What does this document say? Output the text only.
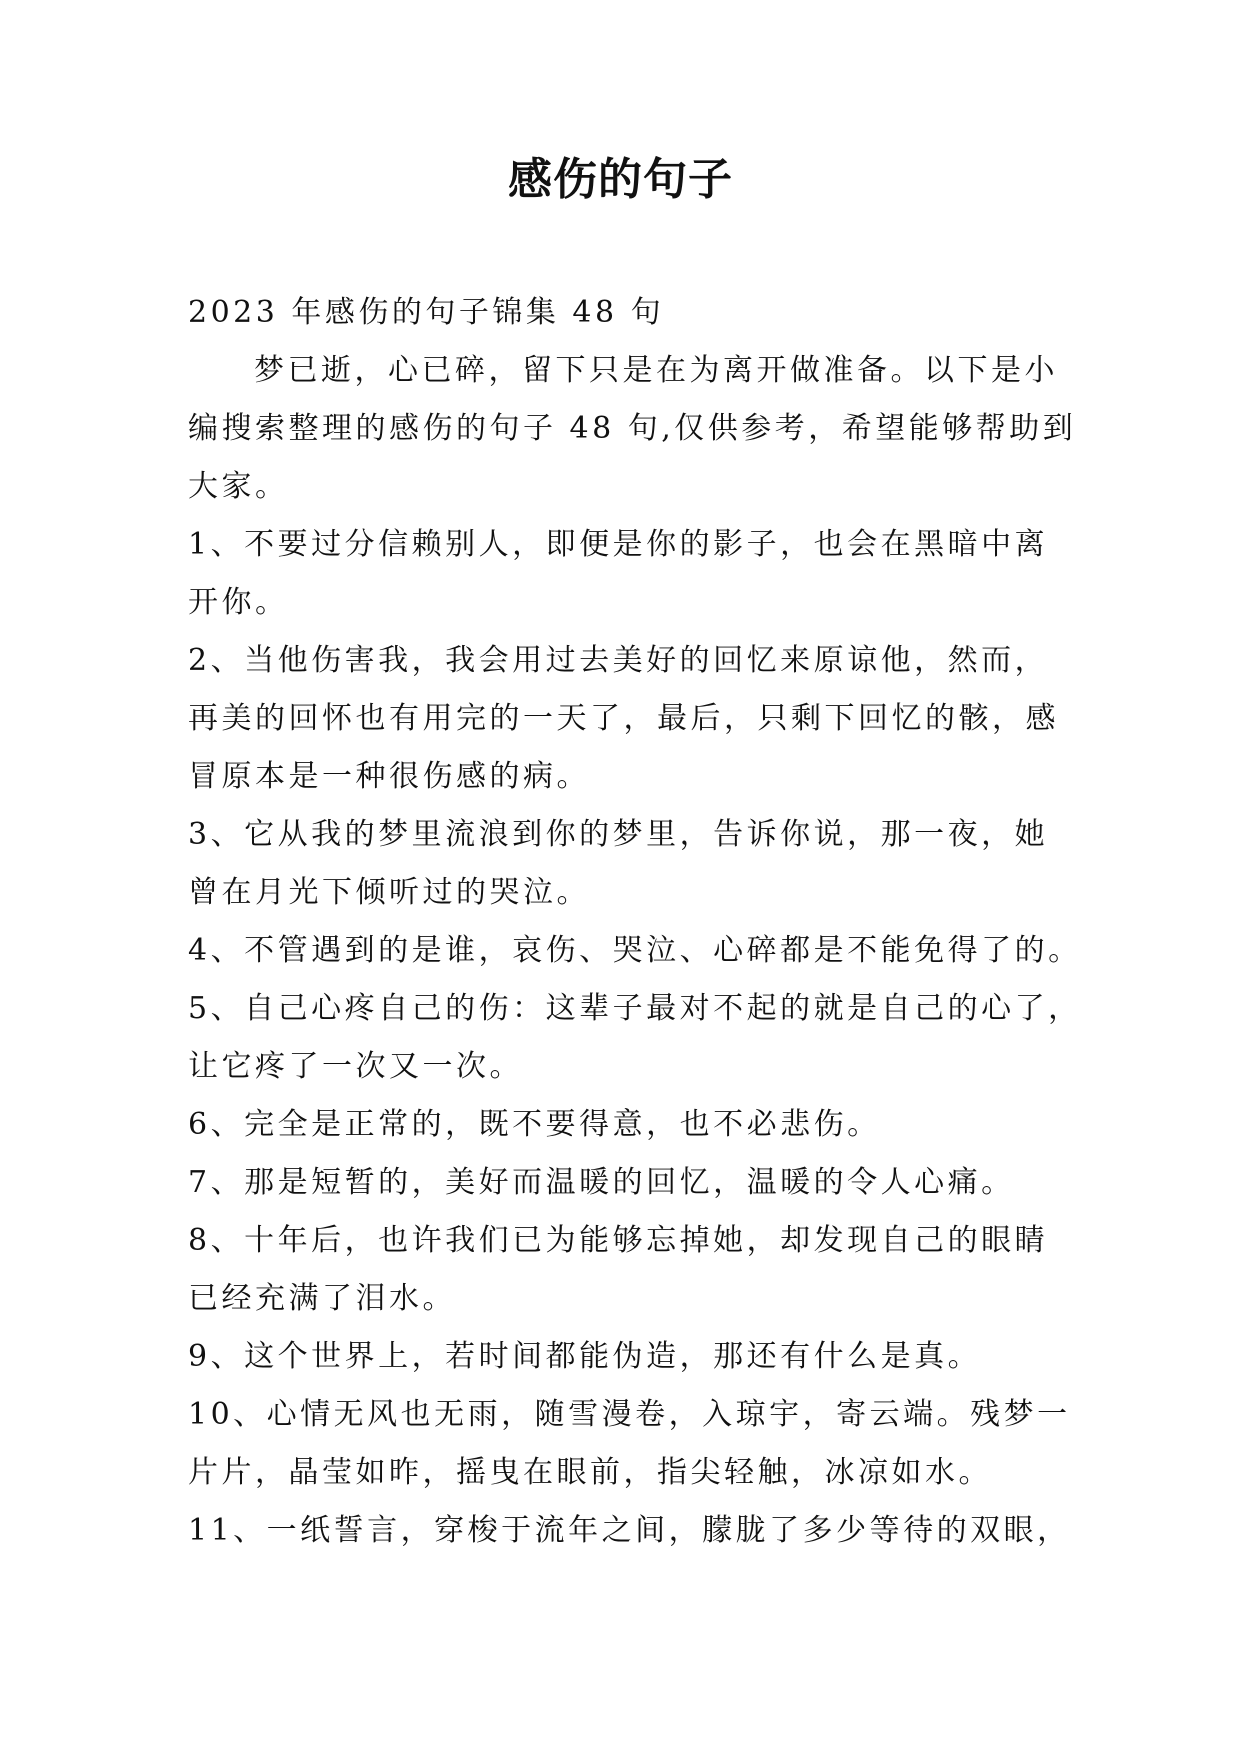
感伤的句子

2023 年感伤的句子锦集 48 句

梦已逝，心已碎，留下只是在为离开做准备。以下是小

编搜索整理的感伤的句子 48 句,仅供参考，希望能够帮助到

大家。

1、不要过分信赖别人，即便是你的影子，也会在黑暗中离

开你。

2、当他伤害我，我会用过去美好的回忆来原谅他，然而，

再美的回怀也有用完的一天了，最后，只剩下回忆的骸，感

冒原本是一种很伤感的病。

3、它从我的梦里流浪到你的梦里，告诉你说，那一夜，她

曾在月光下倾听过的哭泣。

4、不管遇到的是谁，哀伤、哭泣、心碎都是不能免得了的。

5、自己心疼自己的伤：这辈子最对不起的就是自己的心了，

让它疼了一次又一次。

6、完全是正常的，既不要得意，也不必悲伤。

7、那是短暂的，美好而温暖的回忆，温暖的令人心痛。

8、十年后，也许我们已为能够忘掉她，却发现自己的眼睛

已经充满了泪水。

9、这个世界上，若时间都能伪造，那还有什么是真。

10、心情无风也无雨，随雪漫卷，入琼宇，寄云端。残梦一

片片，晶莹如昨，摇曳在眼前，指尖轻触，冰凉如水。

11、一纸誓言，穿梭于流年之间，朦胧了多少等待的双眼，
